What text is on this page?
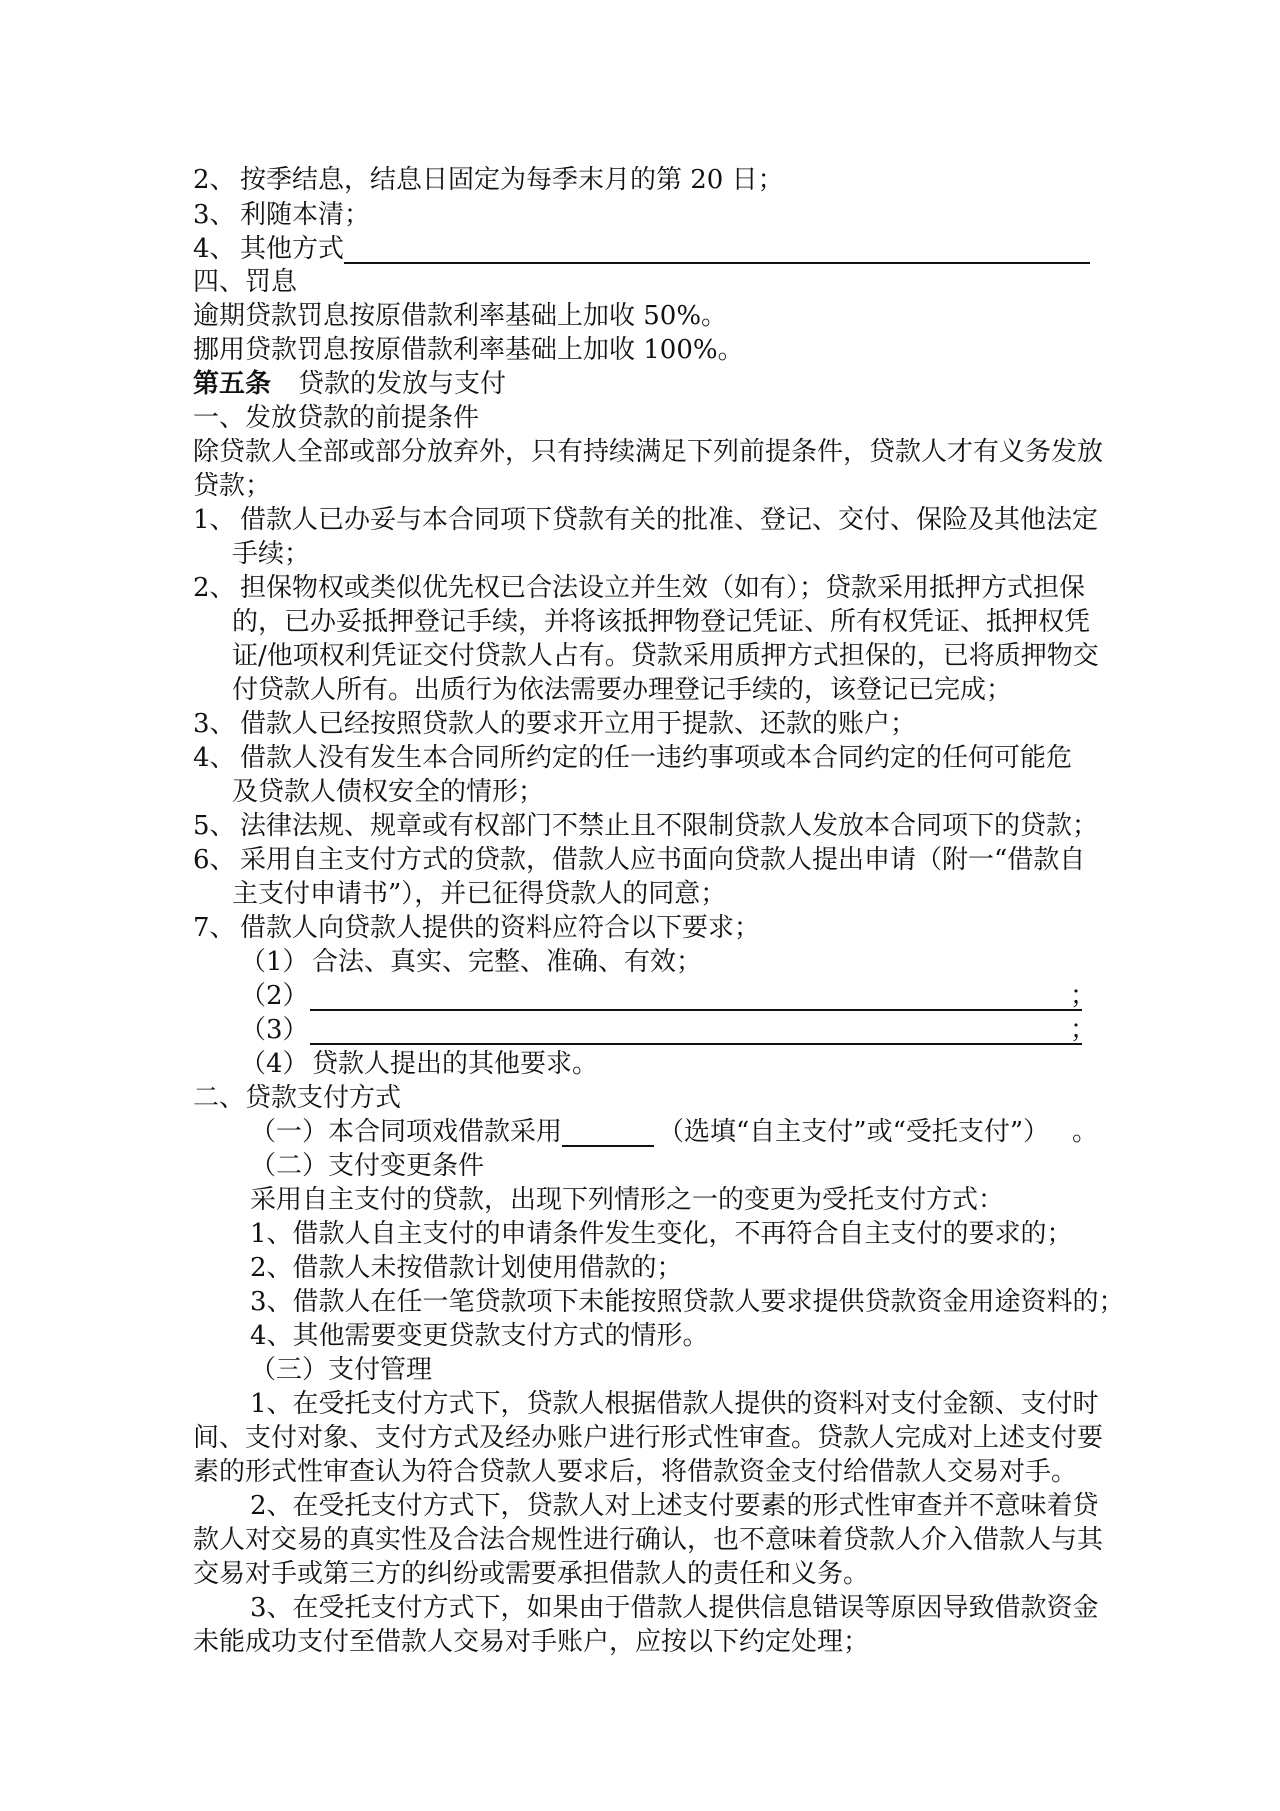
2、 按季结息，结息日固定为每季末月的第 20 日；
3、 利随本清；
4、 其他方式
四、罚息
逾期贷款罚息按原借款利率基础上加收 50%。
挪用贷款罚息按原借款利率基础上加收 100%。
第五条 贷款的发放与支付
一、发放贷款的前提条件
除贷款人全部或部分放弃外，只有持续满足下列前提条件，贷款人才有义务发放
贷款；
1、 借款人已办妥与本合同项下贷款有关的批准、登记、交付、保险及其他法定
手续；
2、 担保物权或类似优先权已合法设立并生效（如有）；贷款采用抵押方式担保
的，已办妥抵押登记手续，并将该抵押物登记凭证、所有权凭证、抵押权凭
证/他项权利凭证交付贷款人占有。贷款采用质押方式担保的，已将质押物交
付贷款人所有。出质行为依法需要办理登记手续的，该登记已完成；
3、 借款人已经按照贷款人的要求开立用于提款、还款的账户；
4、 借款人没有发生本合同所约定的任一违约事项或本合同约定的任何可能危
及贷款人债权安全的情形；
5、 法律法规、规章或有权部门不禁止且不限制贷款人发放本合同项下的贷款；
6、 采用自主支付方式的贷款，借款人应书面向贷款人提出申请（附一“借款自
主支付申请书”），并已征得贷款人的同意；
7、 借款人向贷款人提供的资料应符合以下要求；
（1） 合法、真实、完整、准确、有效；
（2）	；
（3）	；
（4） 贷款人提出的其他要求。
二、贷款支付方式
（一）本合同项戏借款采用	（选填“自主支付”或“受托支付”） 。
（二）支付变更条件
采用自主支付的贷款，出现下列情形之一的变更为受托支付方式：
1、借款人自主支付的申请条件发生变化，不再符合自主支付的要求的；
2、借款人未按借款计划使用借款的；
3、借款人在任一笔贷款项下未能按照贷款人要求提供贷款资金用途资料的；
4、其他需要变更贷款支付方式的情形。
（三）支付管理
1、在受托支付方式下，贷款人根据借款人提供的资料对支付金额、支付时
间、支付对象、支付方式及经办账户进行形式性审查。贷款人完成对上述支付要
素的形式性审查认为符合贷款人要求后，将借款资金支付给借款人交易对手。
2、在受托支付方式下，贷款人对上述支付要素的形式性审查并不意味着贷
款人对交易的真实性及合法合规性进行确认，也不意味着贷款人介入借款人与其
交易对手或第三方的纠纷或需要承担借款人的责任和义务。
3、在受托支付方式下，如果由于借款人提供信息错误等原因导致借款资金
未能成功支付至借款人交易对手账户，应按以下约定处理；
